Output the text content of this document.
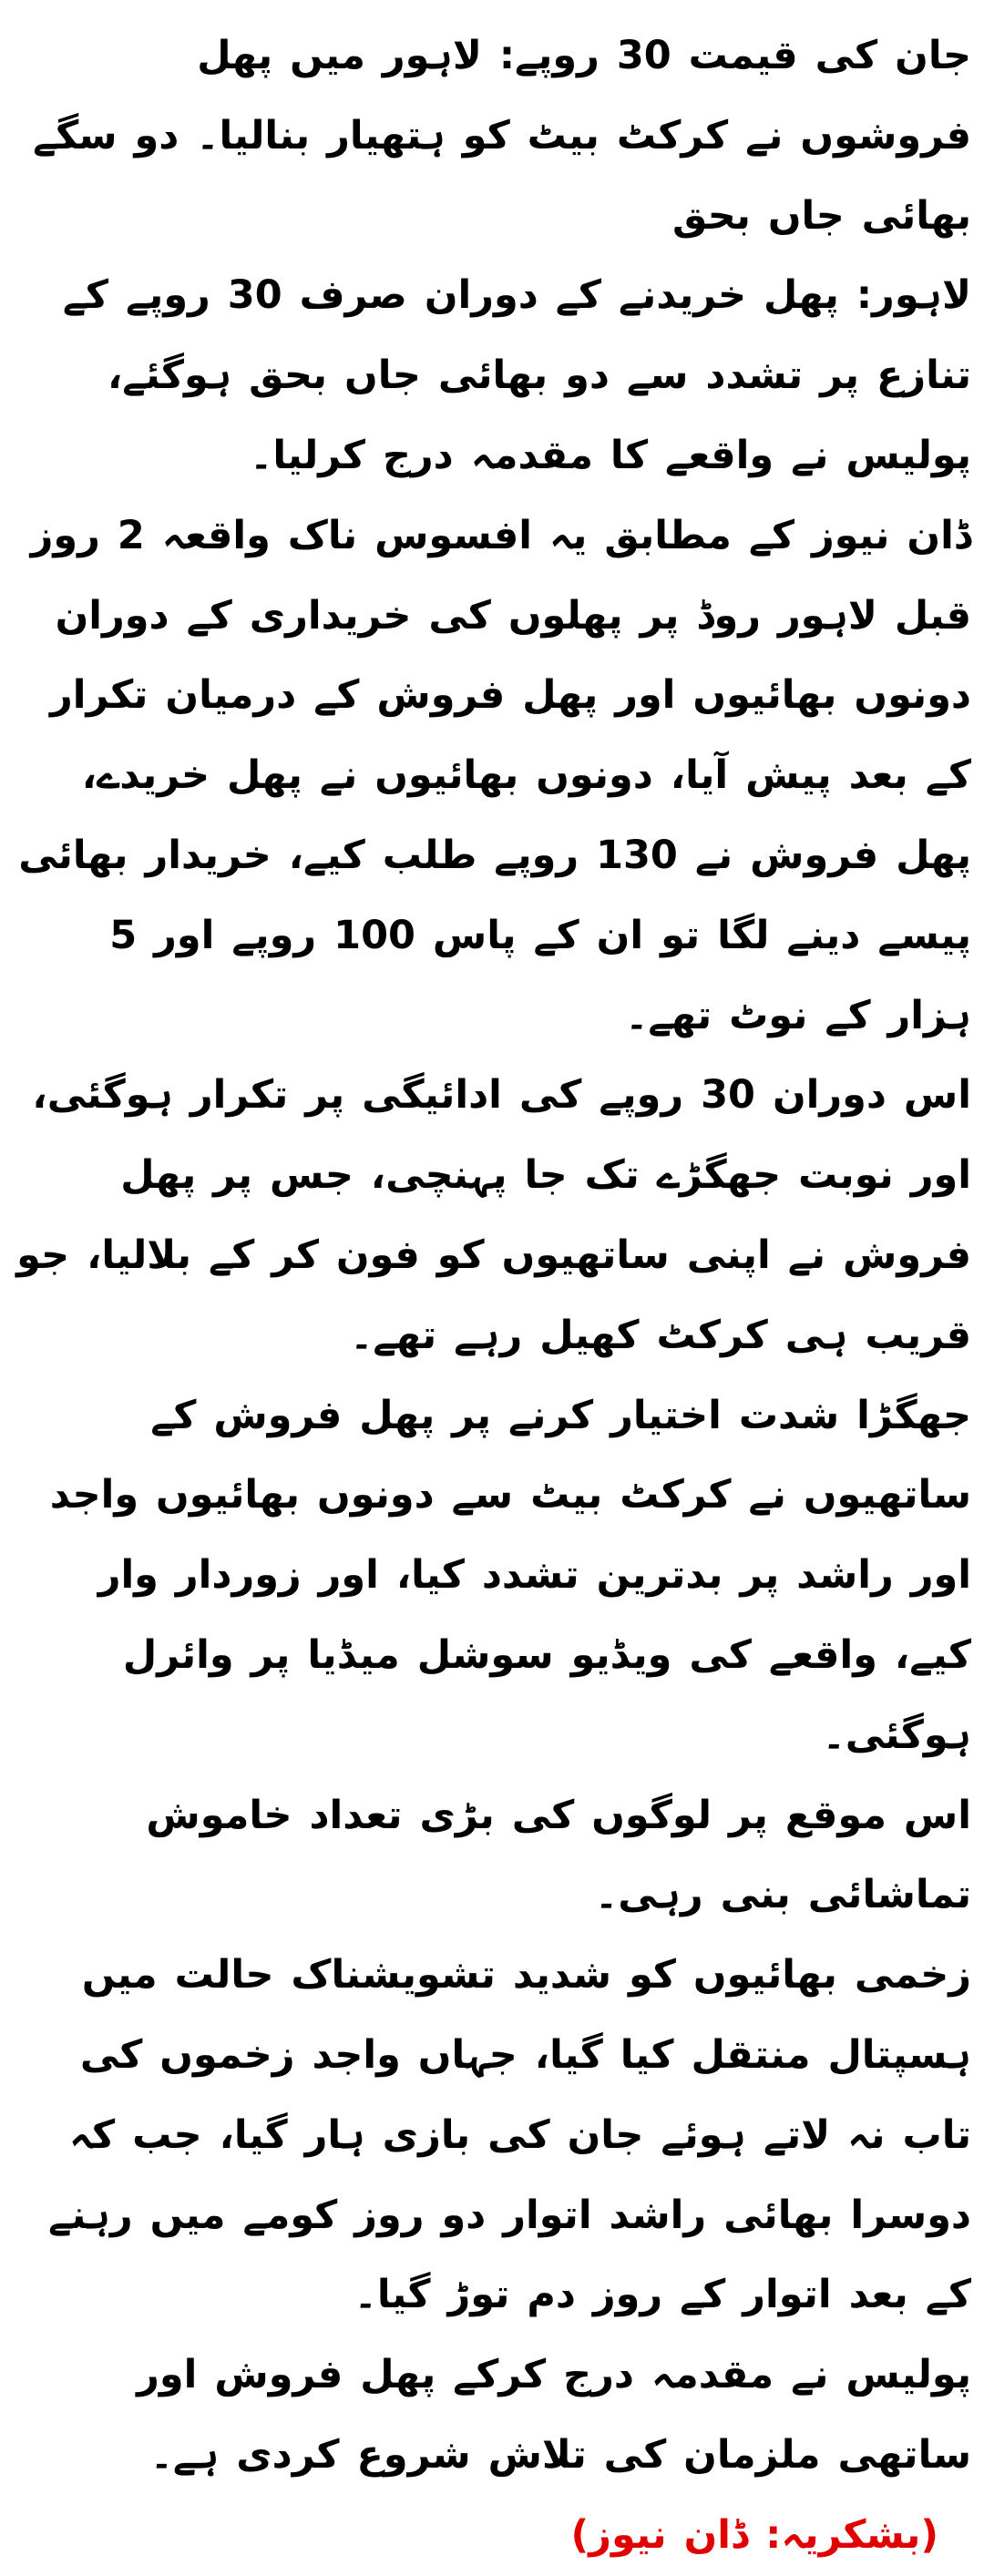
جان کی قیمت 30 روپے: لاہور میں پھل فروشوں نے کرکٹ بیٹ کو ہتھیار بنالیا۔ دو سگے بھائی جاں بحق

لاہور: پھل خریدنے کے دوران صرف 30 روپے کے تنازع پر تشدد سے دو بھائی جاں بحق ہوگئے، پولیس نے واقعے کا مقدمہ درج کرلیا۔

ڈان نیوز کے مطابق یہ افسوس ناک واقعہ 2 روز قبل لاہور روڈ پر پھلوں کی خریداری کے دوران دونوں بھائیوں اور پھل فروش کے درمیان تکرار کے بعد پیش آیا، دونوں بھائیوں نے پھل خریدے، پھل فروش نے 130 روپے طلب کیے، خریدار بھائی پیسے دینے لگا تو ان کے پاس 100 روپے اور 5 ہزار کے نوٹ تھے۔

اس دوران 30 روپے کی ادائیگی پر تکرار ہوگئی، اور نوبت جھگڑے تک جا پہنچی، جس پر پھل فروش نے اپنی ساتھیوں کو فون کر کے بلالیا، جو قریب ہی کرکٹ کھیل رہے تھے۔

جھگڑا شدت اختیار کرنے پر پھل فروش کے ساتھیوں نے کرکٹ بیٹ سے دونوں بھائیوں واجد اور راشد پر بدترین تشدد کیا، اور زوردار وار کیے، واقعے کی ویڈیو سوشل میڈیا پر وائرل ہوگئی۔

اس موقع پر لوگوں کی بڑی تعداد خاموش تماشائی بنی رہی۔

زخمی بھائیوں کو شدید تشویشناک حالت میں ہسپتال منتقل کیا گیا، جہاں واجد زخموں کی تاب نہ لاتے ہوئے جان کی بازی ہار گیا، جب کہ دوسرا بھائی راشد اتوار دو روز کومے میں رہنے کے بعد اتوار کے روز دم توڑ گیا۔

پولیس نے مقدمہ درج کرکے پھل فروش اور ساتھی ملزمان کی تلاش شروع کردی ہے۔(بشکریہ: ڈان نیوز)
